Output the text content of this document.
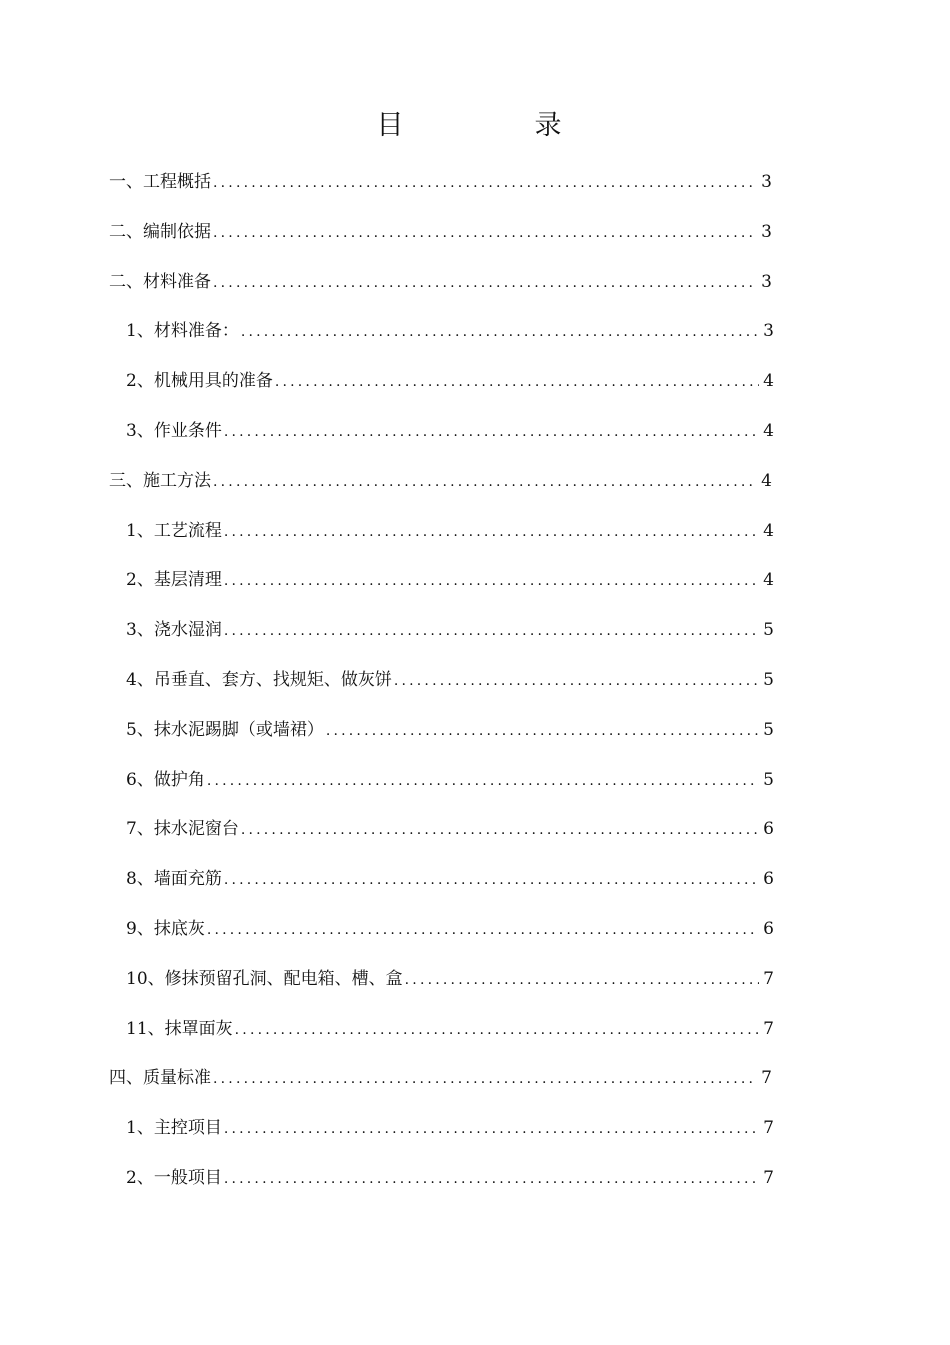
目　录
一、工程概括 .....	3
二、编制依据 .....	3
二、材料准备 .....	3
1、材料准备： .....	3
2、机械用具的准备 .....	4
3、作业条件 .....	4
三、施工方法 .....	4
1、工艺流程 .....	4
2、基层清理 .....	4
3、浇水湿润 .....	5
4、吊垂直、套方、找规矩、做灰饼 .....	5
5、抹水泥踢脚（或墙裙） .....	5
6、做护角 .....	5
7、抹水泥窗台 .....	6
8、墙面充筋 .....	6
9、抹底灰 .....	6
10、修抹预留孔洞、配电箱、槽、盒 .....	7
11、抹罩面灰 .....	7
四、质量标准 .....	7
1、主控项目 .....	7
2、一般项目 .....	7
